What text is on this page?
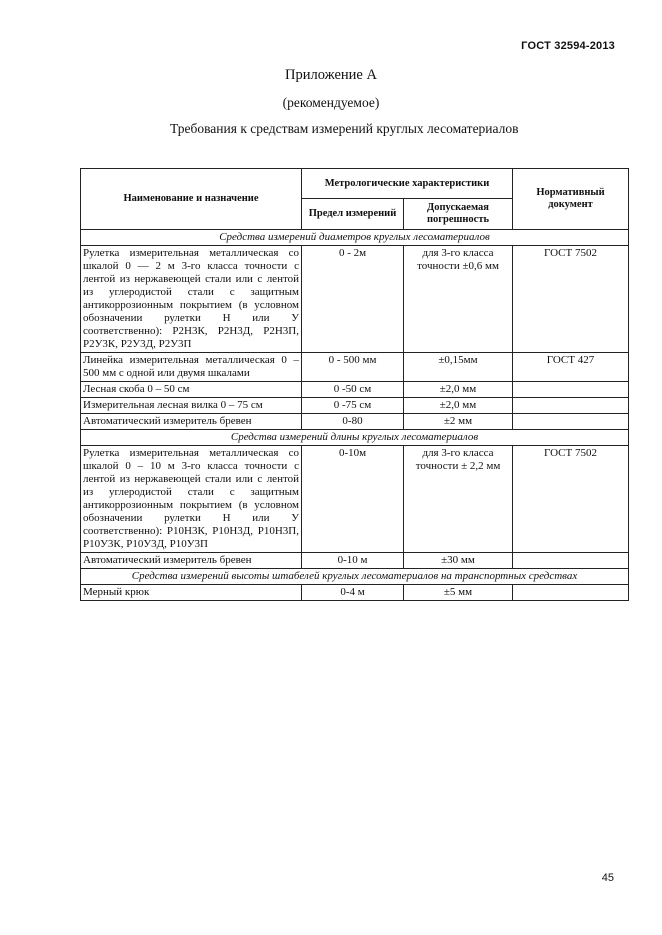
ГОСТ 32594-2013
Приложение А
(рекомендуемое)
Требования к средствам измерений круглых лесоматериалов
Наименование и назначение	Метрологические характеристики		Нормативный документ
	Предел измерений	Допускаемая погрешность	
Средства измерений диаметров круглых лесоматериалов			
Рулетка измерительная металлическая со шкалой 0 — 2 м 3-го класса точности с лентой из нержавеющей стали или с лентой из углеродистой стали с защитным антикоррозионным покрытием (в условном обозначении рулетки Н или У соответственно): Р2Н3К, Р2Н3Д, Р2Н3П, Р2У3К, Р2У3Д, Р2У3П	0 - 2м	для 3-го класса точности ±0,6 мм	ГОСТ 7502
Линейка измерительная металлическая 0 – 500 мм с одной или двумя шкалами	0 - 500 мм	±0,15мм	ГОСТ 427
Лесная скоба 0 – 50 см	0 -50 см	±2,0 мм	
Измерительная лесная вилка 0 – 75 см	0 -75 см	±2,0 мм	
Автоматический измеритель бревен	0-80	±2 мм	
Средства измерений длины круглых лесоматериалов			
Рулетка измерительная металлическая со шкалой 0 – 10 м 3-го класса точности с лентой из нержавеющей стали или с лентой из углеродистой стали с защитным антикоррозионным покрытием (в условном обозначении рулетки Н или У соответственно): Р10Н3К, Р10Н3Д, Р10Н3П, Р10У3К, Р10У3Д, Р10У3П	0-10м	для 3-го класса точности ± 2,2 мм	ГОСТ 7502
Автоматический измеритель бревен	0-10 м	±30 мм	
Средства измерений высоты штабелей круглых лесоматериалов на транспортных средствах			
Мерный крюк	0-4 м	±5 мм	
45
